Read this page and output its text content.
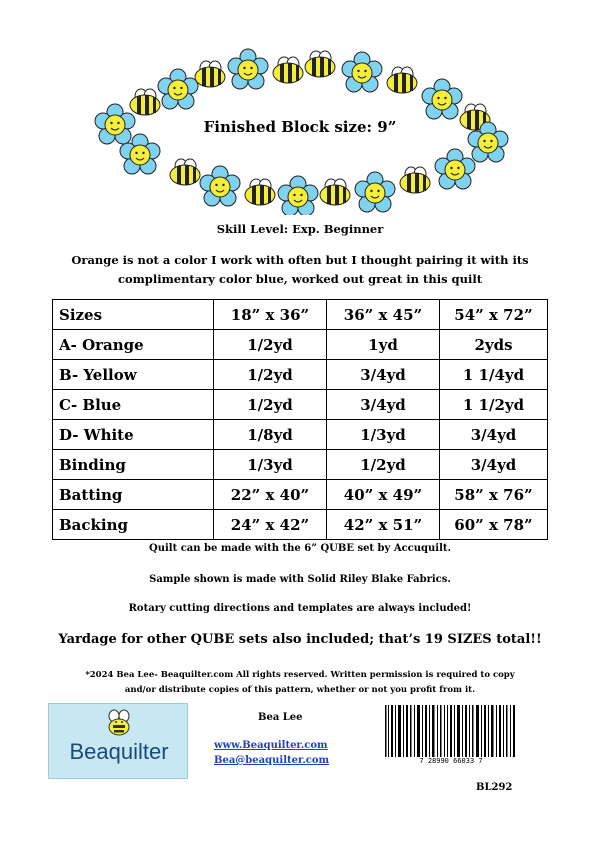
Finished Block size: 9”
Skill Level: Exp. Beginner
Orange is not a color I work with often but I thought pairing it with its
complimentary color blue, worked out great in this quilt
Sizes	18” x 36”	36” x 45”	54” x 72”
A- Orange	1/2yd	1yd	2yds
B- Yellow	1/2yd	3/4yd	1 1/4yd
C- Blue	1/2yd	3/4yd	1 1/2yd
D- White	1/8yd	1/3yd	3/4yd
Binding	1/3yd	1/2yd	3/4yd
Batting	22” x 40”	40” x 49”	58” x 76”
Backing	24” x 42”	42” x 51”	60” x 78”
Quilt can be made with the 6” QUBE set by Accuquilt.
Sample shown is made with Solid Riley Blake Fabrics.
Rotary cutting directions and templates are always included!
Yardage for other QUBE sets also included; that’s 19 SIZES total!!
*2024 Bea Lee- Beaquilter.com All rights reserved. Written permission is required to copy
and/or distribute copies of this pattern, whether or not you profit from it.
Beaquilter
Bea Lee
www.Beaquilter.com
Bea@beaquilter.com	7 28990 66033 7
BL292
